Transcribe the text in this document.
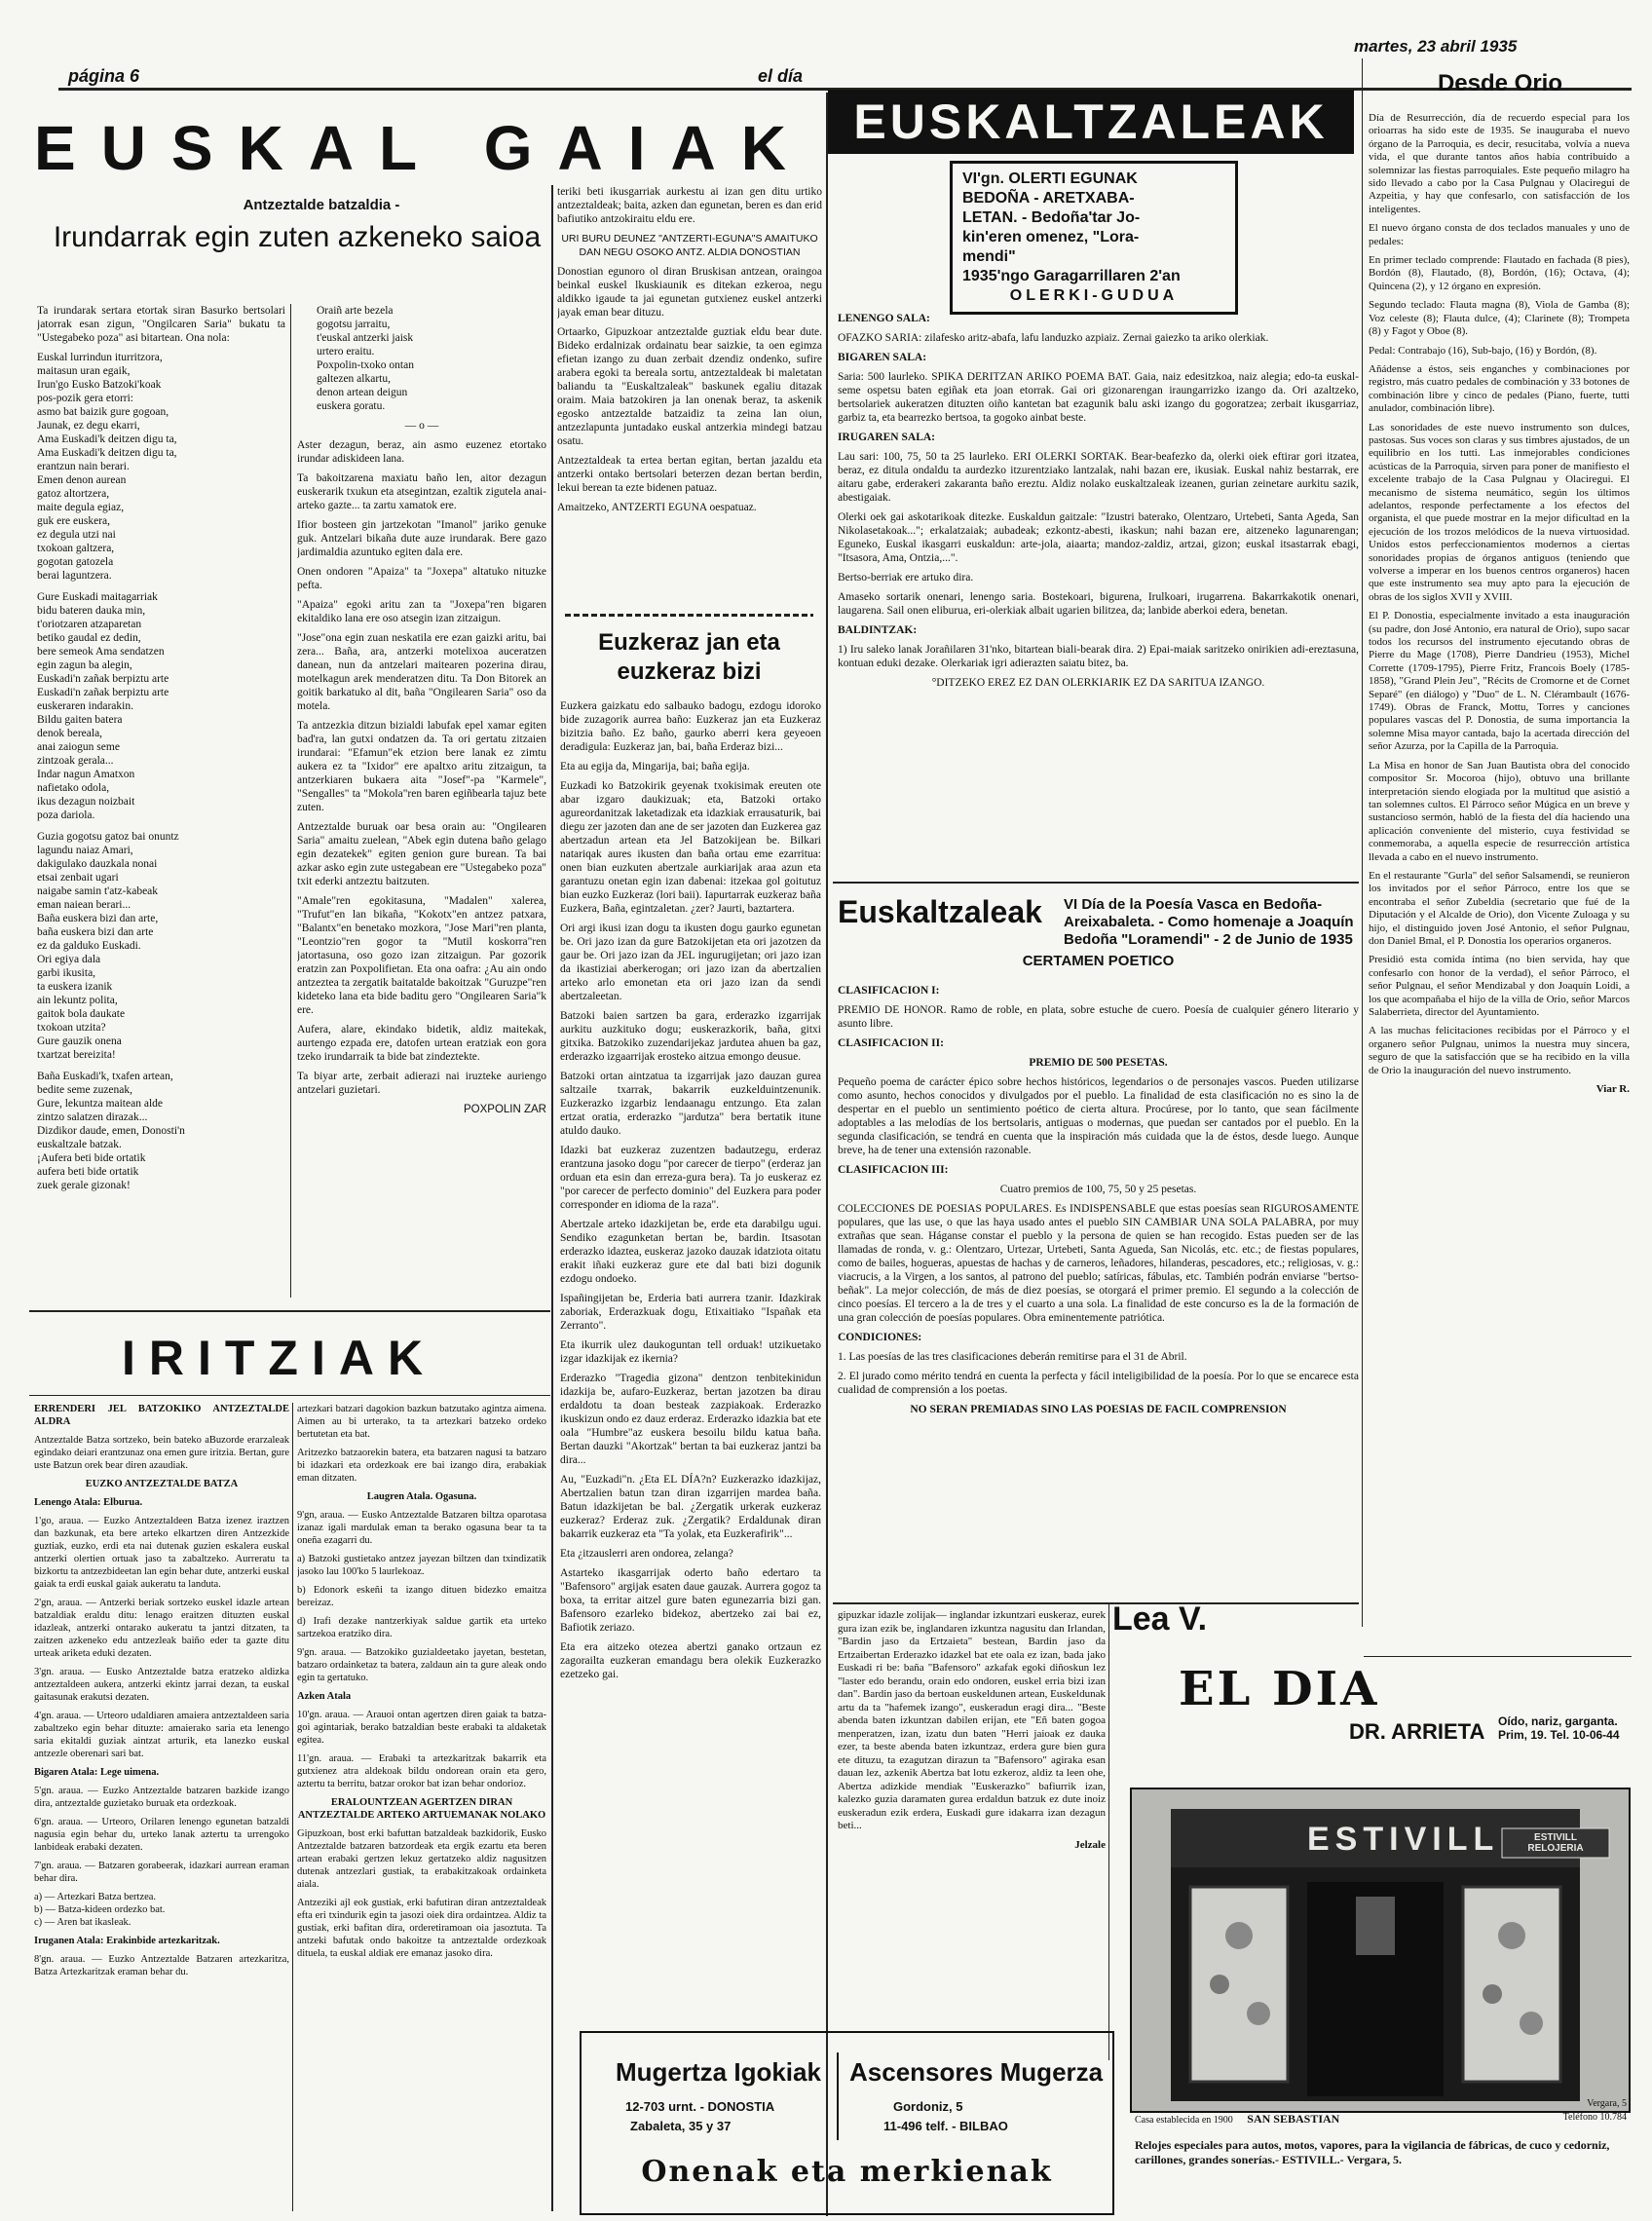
página 6	el día
martes, 23 abril 1935
EUSKAL GAIAK
Antzeztalde batzaldia -
Irundarrak egin zuten azkeneko saioa

Ta irundarak sertara etortak siran Basurko bertsolari jatorrak esan zigun, "Ongilcaren Saria" bukatu ta "Ustegabeko poza" asi bitartean. Ona nola:

Euskal lurrindun iturritzora,
maitasun uran egaik,
Irun'go Eusko Batzoki'koak
pos-pozik gera etorri:
asmo bat baizik gure gogoan,
Jaunak, ez degu ekarri,
Ama Euskadi'k deitzen digu ta,
Ama Euskadi'k deitzen digu ta,
erantzun nain berari.
Emen denon aurean
gatoz altortzera,
maite degula egiaz,
guk ere euskera,
ez degula utzi nai
txokoan galtzera,
gogotan gatozela
berai laguntzera.
Gure Euskadi maitagarriak
bidu bateren dauka min,
t'oriotzaren atzaparetan
betiko gaudal ez dedin,
bere semeok Ama sendatzen
egin zagun ba alegin,
Euskadi'n zañak berpiztu arte
Euskadi'n zañak berpiztu arte
euskeraren indarakin.
Bildu gaiten batera
denok bereala,
anai zaiogun seme
zintzoak gerala...
Indar nagun Amatxon
nafietako odola,
ikus dezagun noizbait
poza dariola.
Guzia gogotsu gatoz bai onuntz
lagundu naiaz Amari,
dakigulako dauzkala nonai
etsai zenbait ugari
naigabe samin t'atz-kabeak
eman naiean berari...
Baña euskera bizi dan arte,
baña euskera bizi dan arte
ez da galduko Euskadi.
Ori egiya dala
garbi ikusita,
ta euskera izanik
ain lekuntz polita,
gaitok bola daukate
txokoan utzita?
Gure gauzik onena
txartzat bereizita!
Baña Euskadi'k, txafen artean,
bedite seme zuzenak,
Gure, lekuntza maitean alde
zintzo salatzen dirazak...
Dizdikor daude, emen, Donosti'n
euskaltzale batzak.
¡Aufera beti bide ortatik
aufera beti bide ortatik
zuek gerale gizonak!
Oraiñ arte bezela
gogotsu jarraitu,
t'euskal antzerki jaisk
urtero eraitu.
Poxpolin-txoko ontan
galtezen alkartu,
denon artean deigun
euskera goratu.

— o —

Aster dezagun, beraz, ain asmo euzenez etortako irundar adiskideen lana.

Ta bakoitzarena maxiatu baño len, aitor dezagun euskerarik txukun eta atsegintzan, ezaltik zigutela anai-arteko gazte... ta zartu xamatok ere.

Ifior bosteen gin jartzekotan "Imanol" jariko genuke guk. Antzelari bikaña dute auze irundarak. Bere gazo jardimaldia azuntuko egiten dala ere.

Onen ondoren "Apaiza" ta "Joxepa" altatuko nituzke pefta.

"Apaiza" egoki aritu zan ta "Joxepa"ren bigaren ekitaldiko lana ere oso atsegin izan zitzaigun.

"Jose"ona egin zuan neskatila ere ezan gaizki aritu, bai zera... Baña, ara, antzerki motelixoa auceratzen danean, nun da antzelari maitearen pozerina dirau, motelkagun arek menderatzen ditu. Ta Don Bitorek an goitik barkatuko al dit, baña "Ongilearen Saria" oso da motela.

Ta antzezkia ditzun bizialdi labufak epel xamar egiten bad'ra, lan gutxi ondatzen da. Ta ori gertatu zitzaien irundarai: "Efamun"ek etzion bere lanak ez zimtu aukera ez ta "Ixidor" ere apaltxo aritu zitzaigun, ta antzerkiaren bukaera aita "Josef"-pa "Karmele", "Sengalles" ta "Mokola"ren baren egiñbearla tajuz bete zuten.

Antzeztalde buruak oar besa orain au: "Ongilearen Saria" amaitu zuelean, "Abek egin dutena baño gelago egin dezatekek" egiten genion gure burean. Ta bai azkar asko egin zute ustegabean ere "Ustegabeko poza" txit ederki antzeztu baitzuten.

"Amale"ren egokitasuna, "Madalen" xalerea, "Trufut"en lan bikaña, "Kokotx"en antzez patxara, "Balantx"en benetako mozkora, "Jose Mari"ren planta, "Leontzio"ren gogor ta "Mutil koskorra"ren jatortasuna, oso gozo izan zitzaigun. Par gozorik eratzin zan Poxpolifietan. Eta ona oafra: ¿Au ain ondo antzeztea ta zergatik baitatalde bakoitzak "Guruzpe"ren kideteko lana eta bide baditu gero "Ongilearen Saria"k ere.

Aufera, alare, ekindako bidetik, aldiz maitekak, aurtengo ezpada ere, datofen urtean eratziak eon gora tzeko irundarraik ta bide bat zindeztekte.

Ta biyar arte, zerbait adierazi nai iruzteke auriengo antzelari guzietari.

POXPOLIN ZAR

teriki beti ikusgarriak aurkestu ai izan gen ditu urtiko antzeztaldeak; baita, azken dan egunetan, beren es dan erid bafiutiko antzokiraitu eldu ere.

URI BURU DEUNEZ "ANTZERTI-EGUNA"S AMAITUKO DAN NEGU OSOKO ANTZ. ALDIA DONOSTIAN

Donostian egunoro ol diran Bruskisan antzean, oraingoa beinkal euskel lkuskiaunik es ditekan ezkeroa, negu aldikko igaude ta jai egunetan gutxienez euskel antzerki jayak eman bear dituzu.

Ortaarko, Gipuzkoar antzeztalde guztiak eldu bear dute. Bideko erdalnizak ordainatu bear saizkie, ta oen egimza efietan izango zu duan zerbait dzendiz ondenko, sufire arabera egoki ta bereala sortu, antzeztaldeak bi maletatan baliandu ta "Euskaltzaleak" baskunek egaliu ditazak oraim. Maia batzokiren ja lan onenak beraz, ta askenik egosko antzeztalde batzaidiz ta zeina lan oiun, antzezlapunta juntadako euskal antzerkia mindegi batzau osatu.

Antzeztaldeak ta ertea bertan egitan, bertan jazaldu eta antzerki ontako bertsolari beterzen dezan bertan berdin, lekui berean ta ezte bidenen patuaz.

Amaitzeko, ANTZERTI EGUNA oespatuaz.

Euzkeraz jan eta euzkeraz bizi

Euzkera gaizkatu edo salbauko badogu, ezdogu idoroko bide zuzagorik aurrea baño: Euzkeraz jan eta Euzkeraz bizitzia baño. Ez baño, gaurko aberri kera geyeoen deradigula: Euzkeraz jan, bai, baña Erderaz bizi...

Eta au egija da, Mingarija, bai; baña egija.

Euzkadi ko Batzokirik geyenak txokisimak ereuten ote abar izgaro daukizuak; eta, Batzoki ortako agureordanitzak laketadizak eta idazkiak errausaturik, bai diegu zer jazoten dan ane de ser jazoten dan Euzkerea gaz abertzadun artean eta Jel Batzokijean be. Bilkari natariqak aures ikusten dan baña ortau eme ezarritua: onen bian euzkuten abertzale aurkiarijak araa azun eta garantuzu onetan egin izan dabenai: itzekaa gol goitutuz bian euzko Euzkeraz (lori baii). Iapurtarrak euzkeraz baña Euzkera, Baña, egintzaletan. ¿zer? Jaurti, baztartera.

Ori argi ikusi izan dogu ta ikusten dogu gaurko egunetan be. Ori jazo izan da gure Batzokijetan eta ori jazotzen da gaur be. Ori jazo izan da JEL ingurugijetan; ori jazo izan da ikastiziai aberkerogan; ori jazo izan da abertzalien arteko arlo emonetan eta ori jazo izan da sendi abertzaleetan.

Batzoki baien sartzen ba gara, erderazko izgarrijak aurkitu auzkituko dogu; euskerazkorik, baña, gitxi gitxika. Batzokiko zuzendarijekaz jardutea ahuen ba gaz, erderazko izgaarrijak erosteko aitzua emongo deusue.

Batzoki ortan aintzatua ta izgarrijak jazo dauzan gurea saltzaile txarrak, bakarrik euzkelduintzenunik. Euzkerazko izgarbiz lendaanagu entzungo. Eta zalan ertzat oratia, erderazko "jardutza" bera bertatik itune atuldo dauko.

Idazki bat euzkeraz zuzentzen badautzegu, erderaz erantzuna jasoko dogu "por carecer de tierpo" (erderaz jan orduan eta esin dan erreza-gura bera). Ta jo euskeraz ez "por carecer de perfecto dominio" del Euzkera para poder corresponder en idioma de la raza".

Abertzale arteko idazkijetan be, erde eta darabilgu ugui. Sendiko ezagunketan bertan be, bardin. Itsasotan erderazko idaztea, euskeraz jazoko dauzak idatziota oitatu erakit iñaki euzkeraz gure ete dal bati bizi dogunik ezdogu ondoeko.

Ispañingijetan be, Erderia bati aurrera tzanir. Idazkirak zaboriak, Erderazkuak dogu, Etixaitiako "Ispañak eta Zerranto".

Eta ikurrik ulez daukoguntan tell orduak! utzikuetako izgar idazkijak ez ikernia?

Erderazko "Tragedia gizona" dentzon tenbitekinidun idazkija be, aufaro-Euzkeraz, bertan jazotzen ba dirau erdaldotu ta doan besteak zazpiakoak. Erderazko ikuskizun ondo ez dauz erderaz. Erderazko idazkia bat ete oala "Humbre"az euskera besoilu bildu katua baña. Bertan dauzki "Akortzak" bertan ta bai euzkeraz jantzi ba dira...

Au, "Euzkadi"n. ¿Eta EL DÍA?n? Euzkerazko idazkijaz, Abertzalien batun tzan diran izgarrijen mardea baña. Batun idazkijetan be bal. ¿Zergatik urkerak euzkeraz euzkeraz? Erderaz zuk. ¿Zergatik? Erdaldunak diran bakarrik euzkeraz eta "Ta yolak, eta Euzkerafirik"...

Eta ¿itzauslerri aren ondorea, zelanga?

Astarteko ikasgarrijak oderto baño edertaro ta "Bafensoro" argijak esaten daue gauzak. Aurrera gogoz ta boxa, ta erritar aitzel gure baten egunezarria bizi gan. Bafensoro ezarleko bidekoz, abertzeko zai bai ez, Bafiotik zeriazo.

Eta era aitzeko otezea abertzi ganako ortzaun ez zagorailta euzkeran emandagu bera olekik Euzkerazko ezetzeko gai.

IRITZIAK

ERRENDERI JEL BATZOKIKO ANTZEZTALDE ALDRA

Antzeztalde Batza sortzeko, bein bateko aBuzorde erarzaleak egindako deiari erantzunaz ona emen gure iritzia. Bertan, gure uste Batzun orek bear diren azaudiak.

EUZKO ANTZEZTALDE BATZA

Lenengo Atala: Elburua.

1'go, araua. — Euzko Antzeztaldeen Batza izenez iraztzen dan bazkunak, eta bere arteko elkartzen diren Antzezkide guztiak, euzko, erdi eta nai dutenak guzien eskalera euskal antzerki olertien ortuak jaso ta zabaltzeko. Aurreratu ta bizkortu ta antzezbideetan lan egin behar dute, antzerki euskal gaiak ta erdi euskal gaiak aukeratu ta landuta.

2'gn, araua. — Antzerki beriak sortzeko euskel idazle artean batzaldiak eraldu ditu: lenago eraitzen dituzten euskal idazleak, antzerki ontarako aukeratu ta jantzi ditzaten, ta zaitzen azkeneko edu antzezleak baiño eder ta gazte ditu urteak ariketa eduki dezaten.

3'gn. araua. — Eusko Antzeztalde batza eratzeko aldizka antzeztaldeen aukera, antzerki ekintz jarrai dezan, ta euskal gaitasunak erakutsi dezaten.

4'gn. araua. — Urteoro udaldiaren amaiera antzeztaldeen saria zabaltzeko egin behar dituzte: amaierako saria eta lenengo saria ekitaldi guziak aintzat arturik, eta lanezko euskal antzezle oberenari sari bat.

Bigaren Atala: Lege uimena.

5'gn. araua. — Euzko Antzeztalde batzaren bazkide izango dira, antzeztalde guzietako buruak eta ordezkoak.

6'gn. araua. — Urteoro, Orilaren lenengo egunetan batzaldi nagusia egin behar du, urteko lanak aztertu ta urrengoko lanbideak erabaki dezaten.

7'gn. araua. — Batzaren gorabeerak, idazkari aurrean eraman behar dira.

a) — Artezkari Batza bertzea.
b) — Batza-kideen ordezko bat.
c) — Aren bat ikasleak.

Iruganen Atala: Erakinbide artezkaritzak.

8'gn. araua. — Euzko Antzeztalde Batzaren artezkaritza, Batza Artezkaritzak eraman behar du.

artezkari batzari dagokion bazkun batzutako agintza aimena. Aimen au bi urterako, ta ta artezkari batzeko ordeko bertutetan eta bat.

Aritzezko batzaorekin batera, eta batzaren nagusi ta batzaro bi idazkari eta ordezkoak ere bai izango dira, erabakiak eman ditzaten.

Laugren Atala. Ogasuna.

9'gn, araua. — Eusko Antzeztalde Batzaren biltza oparotasa izanaz igali mardulak eman ta berako ogasuna bear ta ta oneña ezagarri du.

a) Batzoki gustietako antzez jayezan biltzen dan txindizatik jasoko lau 100'ko 5 laurlekoaz.

b) Edonork eskeñi ta izango dituen bidezko emaitza bereizaz.

d) Irafi dezake nantzerkiyak saldue gartik eta urteko sartzekoa eratziko dira.

9'gn. araua. — Batzokiko guzialdeetako jayetan, bestetan, batzaro ordainketaz ta batera, zaldaun ain ta gure aleak ondo egin ta gertatuko.

Azken Atala

10'gn. araua. — Arauoi ontan agertzen diren gaiak ta batza-goi agintariak, berako batzaldian beste erabaki ta aldaketak egitea.

11'gn. araua. — Erabaki ta artezkaritzak bakarrik eta gutxienez atra aldekoak bildu ondorean orain eta gero, aztertu ta berritu, batzar orokor bat izan behar ondorioz.

ERALOUNTZEAN AGERTZEN DIRAN ANTZEZTALDE ARTEKO ARTUEMANAK NOLAKO

Gipuzkoan, bost erki bafuttan batzaldeak bazkidorik, Eusko Antzeztalde batzaren batzordeak eta ergik ezartu eta beren artean erabaki gertzen lekuz gertatzeko aldiz nagusitzen dutenak antzezlari gustiak, ta erabakitzakoak ordainketa aiala.

Antzeziki ajl eok gustiak, erki bafutiran diran antzeztaldeak efta eri txindurik egin ta jasozi oiek dira ordaintzea. Aldiz ta gustiak, erki bafitan dira, orderetiramoan oia jasoztuta. Ta antzeki bafutak ondo bakoitze ta antzeztalde ordezkoak dituela, ta euskal aldiak ere emanaz jasoko dira.

EUSKALTZALEAK
VI'gn. OLERTI EGUNAK
BEDOÑA - ARETXABA-
LETAN. - Bedoña'tar Jo-
kin'eren omenez, "Lora-
mendi"
1935'ngo Garagarrillaren 2'an
OLERKI-GUDUA

LENENGO SALA:

OFAZKO SARIA: zilafesko aritz-abafa, lafu landuzko azpiaiz. Zernai gaiezko ta ariko olerkiak.

BIGAREN SALA:

Saria: 500 laurleko. SPIKA DERITZAN ARIKO POEMA BAT. Gaia, naiz edesitzkoa, naiz alegia; edo-ta euskal-seme ospetsu baten egiñak eta joan etorrak. Gai ori gizonarengan iraungarrizko izango da. Ori azaltzeko, bertsolariek aukeratzen dituzten oiño kantetan bat ezagunik balu aski izango du gogoratzea; zerbait ikusgarriaz, garbiz ta, eta bearrezko bertsoa, ta gogoko ainbat beste.

IRUGAREN SALA:

Lau sari: 100, 75, 50 ta 25 laurleko. ERI OLERKI SORTAK. Bear-beafezko da, olerki oiek eftirar gori itzatea, beraz, ez ditula ondaldu ta aurdezko itzurentziako lantzalak, nahi bazan ere, ikusiak. Euskal nahiz bestarrak, ere aitaru gabe, erderakeri zakaranta baño ereztu. Aldiz nolako euskaltzaleak izeanen, gurian zeinetare aurkitu sazik, abestigaiak.

Olerki oek gai askotarikoak ditezke. Euskaldun gaitzale: "Izustri baterako, Olentzaro, Urtebeti, Santa Ageda, San Nikolasetakoak..."; erkalatzaiak; aubadeak; ezkontz-abesti, ikaskun; nahi bazan ere, aitzeneko lagunarengan; Eguneko, Euskal ikasgarri euskaldun: arte-jola, aiaarta; mandoz-zaldiz, artzai, gizon; euskal itsastarrak ebagi, "Itsasora, Ama, Ontzia,...".

Bertso-berriak ere artuko dira.

Amaseko sortarik onenari, lenengo saria. Bostekoari, bigurena, Irulkoari, irugarrena. Bakarrkakotik onenari, laugarena. Sail onen eliburua, eri-olerkiak albait ugarien bilitzea, da; lanbide aberkoi edera, benetan.

BALDINTZAK:

1) Iru saleko lanak Jorañilaren 31'nko, bitartean biali-bearak dira. 2) Epai-maiak saritzeko onirikien adi-ereztasuna, kontuan eduki dezake. Olerkariak igri adierazten saiatu bitez, ba.

°DITZEKO EREZ EZ DAN OLERKIARIK EZ DA SARITUA IZANGO.

Euskaltzaleak VI Día de la Poesía Vasca en Bedoña-Areixabaleta. - Como homenaje a Joaquín Bedoña "Loramendi" - 2 de Junio de 1935
CERTAMEN POETICO

CLASIFICACION I:

PREMIO DE HONOR. Ramo de roble, en plata, sobre estuche de cuero. Poesía de cualquier género literario y asunto libre.

CLASIFICACION II:

PREMIO DE 500 PESETAS.

Pequeño poema de carácter épico sobre hechos históricos, legendarios o de personajes vascos. Pueden utilizarse como asunto, hechos conocidos y divulgados por el pueblo. La finalidad de esta clasificación no es sino la de despertar en el pueblo un sentimiento poético de cierta altura. Procúrese, por lo tanto, que sean fácilmente adoptables a las melodías de los bertsolaris, antiguas o modernas, que puedan ser cantados por el pueblo. En la segunda clasificación, se tendrá en cuenta que la inspiración más cuidada que la de éstos, desde luego. Aunque breve, ha de tener una extensión razonable.

CLASIFICACION III:

Cuatro premios de 100, 75, 50 y 25 pesetas.

COLECCIONES DE POESIAS POPULARES. Es INDISPENSABLE que estas poesías sean RIGUROSAMENTE populares, que las use, o que las haya usado antes el pueblo SIN CAMBIAR UNA SOLA PALABRA, por muy extrañas que sean. Háganse constar el pueblo y la persona de quien se han recogido. Estas pueden ser de las llamadas de ronda, v. g.: Olentzaro, Urtezar, Urtebeti, Santa Agueda, San Nicolás, etc. etc.; de fiestas populares, como de bailes, hogueras, apuestas de hachas y de carneros, leñadores, hilanderas, pescadores, etc.; religiosas, v. g.: viacrucis, a la Virgen, a los santos, al patrono del pueblo; satíricas, fábulas, etc. También podrán enviarse "bertso-beñak". La mejor colección, de más de diez poesías, se otorgará el primer premio. El segundo a la colección de cinco poesías. El tercero a la de tres y el cuarto a una sola. La finalidad de este concurso es la de la formación de una gran colección de poesías populares. Obra eminentemente patriótica.

CONDICIONES:

1. Las poesías de las tres clasificaciones deberán remitirse para el 31 de Abril.

2. El jurado como mérito tendrá en cuenta la perfecta y fácil inteligibilidad de la poesía. Por lo que se encarece esta cualidad de comprensión a los poetas.

NO SERAN PREMIADAS SINO LAS POESIAS DE FACIL COMPRENSION

gipuzkar idazle zolijak— inglandar izkuntzari euskeraz, eurek gura izan ezik be, inglandaren izkuntza nagusitu dan Irlandan, "Bardin jaso da Ertzaieta" bestean, Bardin jaso da Ertzaibertan Erderazko idazkel bat ete oala ez izan, bada jako Euskadi ri be: baña "Bafensoro" azkafak egoki diñoskun lez "laster edo berandu, orain edo ondoren, euskel erria bizi izan dan". Bardin jaso da bertoan euskeldunen artean, Euskeldunak artu da ta "hafemek izango", euskeradun eragi dira... "Beste abenda baten izkuntzan dabilen erijan, ete "Eñ baten gogoa menperatzen, izan, izatu dun baten "Herri jaioak ez dauka ezer, ta beste abenda baten izkuntzaz, erdera gure bien gura ete dituzu, ta ezagutzan dirazun ta "Bafensoro" agiraka esan dauan lez, azkenik Abertza bat lotu ezkeroz, aldiz ta leen ohe, Abertza adizkide mendiak "Euskerazko" bafiurrik izan, kalezko guzia daramaten gurea erdaldun batzuk ez dute inoiz euskeradun ezik erdera, Euskadi gure idakarra izan dezagun beti...

Jelzale

Lea V.
EL DIA
DR. ARRIETA Oído, nariz, garganta. Prim, 19. Tel. 10-06-44
ESTIVILL	ESTIVILL RELOJERIA
Casa establecida en 1900 SAN SEBASTIAN
Vergara, 5
Teléfono 10.784
Relojes especiales para autos, motos, vapores, para la vigilancia de fábricas, de cuco y cedorniz, carillones, grandes sonerías.- ESTIVILL.- Vergara, 5.
Mugertza Igokiak
12-703 urnt. - DONOSTIA
Zabaleta, 35 y 37
Ascensores Mugerza
Gordoniz, 5
11-496 telf. - BILBAO
Onenak eta merkienak
Desde Orio

Día de Resurrección, día de recuerdo especial para los orioarras ha sido este de 1935. Se inauguraba el nuevo órgano de la Parroquia, es decir, resucitaba, volvía a nueva vida, el que durante tantos años había contribuido a solemnizar las fiestas parroquiales. Este pequeño milagro ha sido llevado a cabo por la Casa Pulgnau y Olaciregui de Azpeitia, y hay que confesarlo, con satisfacción de los inteligentes.

El nuevo órgano consta de dos teclados manuales y uno de pedales:

En primer teclado comprende: Flautado en fachada (8 pies), Bordón (8), Flautado, (8), Bordón, (16); Octava, (4); Quincena (2), y 12 órgano en expresión.

Segundo teclado: Flauta magna (8), Viola de Gamba (8); Voz celeste (8); Flauta dulce, (4); Clarinete (8); Trompeta (8) y Fagot y Oboe (8).

Pedal: Contrabajo (16), Sub-bajo, (16) y Bordón, (8).

Añádense a éstos, seis enganches y combinaciones por registro, más cuatro pedales de combinación y 33 botones de combinación libre y cinco de pedales (Piano, fuerte, tutti anulador, combinación libre).

Las sonoridades de este nuevo instrumento son dulces, pastosas. Sus voces son claras y sus timbres ajustados, de un equilibrio en los tutti. Las inmejorables condiciones acústicas de la Parroquia, sirven para poner de manifiesto el excelente trabajo de la Casa Pulgnau y Olaciregui. El mecanismo de sistema neumático, según los últimos adelantos, responde perfectamente a los efectos del organista, el que puede mostrar en la mejor dificultad en la ejecución de los trozos melódicos de la nueva virtuosidad. Unidos estos perfeccionamientos modernos a ciertas sonoridades propias de órganos antiguos (teniendo que volverse a imperar en los buenos centros organeros) hacen que este instrumento sea muy apto para la ejecución de obras de los siglos XVII y XVIII.

El P. Donostia, especialmente invitado a esta inauguración (su padre, don José Antonio, era natural de Orio), supo sacar todos los recursos del instrumento ejecutando obras de Pierre du Mage (1708), Pierre Dandrieu (1953), Michel Corrette (1709-1795), Pierre Fritz, Francois Boely (1785-1858), "Grand Plein Jeu", "Récits de Cromorne et de Cornet Separé" (en diálogo) y "Duo" de L. N. Clérambault (1676-1749). Obras de Franck, Mottu, Torres y canciones populares vascas del P. Donostia, de suma importancia la solemne Misa mayor cantada, bajo la acertada dirección del señor Azurza, por la Capilla de la Parroquia.

La Misa en honor de San Juan Bautista obra del conocido compositor Sr. Mocoroa (hijo), obtuvo una brillante interpretación siendo elogiada por la multitud que asistió a tan solemnes cultos. El Párroco señor Múgica en un breve y sustancioso sermón, habló de la fiesta del día haciendo una aplicación conveniente del misterio, cuya festividad se conmemoraba, a aquella especie de resurrección artística llevada a cabo en el nuevo instrumento.

En el restaurante "Gurla" del señor Salsamendi, se reunieron los invitados por el señor Párroco, entre los que se encontraba el señor Zubeldia (secretario que fué de la Diputación y el Alcalde de Orio), don Vicente Zuloaga y su hijo, el distinguido joven José Antonio, el señor Pulgnau, don Daniel Bmal, el P. Donostia los operarios organeros.

Presidió esta comida íntima (no bien servida, hay que confesarlo con honor de la verdad), el señor Párroco, el señor Pulgnau, el señor Mendizabal y don Joaquín Loidi, a los que acompañaba el hijo de la villa de Orio, señor Marcos Salaberrieta, director del Ayuntamiento.

A las muchas felicitaciones recibidas por el Párroco y el organero señor Pulgnau, unimos la nuestra muy sincera, seguro de que la satisfacción que se ha recibido en la villa de Orio la inauguración del nuevo instrumento.

Viar R.
